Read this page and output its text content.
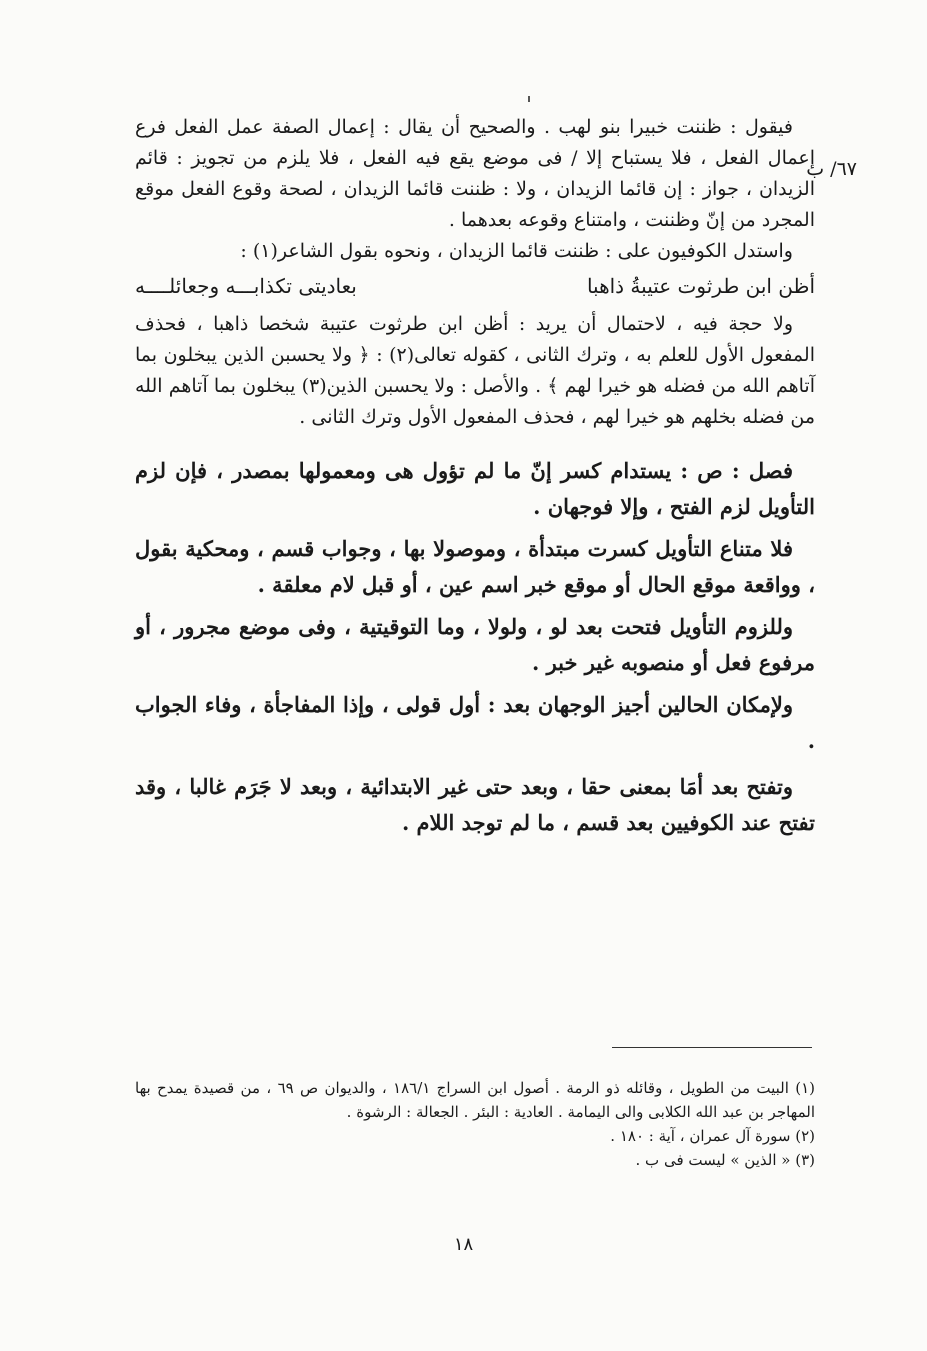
٦٧/ ب

فيقول : ظننت خبيرا بنو لهب . والصحيح أن يقال : إعمال الصفة عمل الفعل فرع إعمال الفعل ، فلا يستباح إلا / فى موضع يقع فيه الفعل ، فلا يلزم من تجويز : قائم الزيدان ، جواز : إن قائما الزيدان ، ولا : ظننت قائما الزيدان ، لصحة وقوع الفعل موقع المجرد من إنّ وظننت ، وامتناع وقوعه بعدهما .

واستدل الكوفيون على : ظننت قائما الزيدان ، ونحوه بقول الشاعر(١) :

أظن ابن طرثوت عتيبةُ ذاهبا
بعاديتى تكذابـــه وجعائلــــه

ولا حجة فيه ، لاحتمال أن يريد : أظن ابن طرثوت عتيبة شخصا ذاهبا ، فحذف المفعول الأول للعلم به ، وترك الثانى ، كقوله تعالى(٢) : ﴿ ولا يحسبن الذين يبخلون بما آتاهم الله من فضله هو خيرا لهم ﴾ . والأصل : ولا يحسبن الذين(٣) يبخلون بما آتاهم الله من فضله بخلهم هو خيرا لهم ، فحذف المفعول الأول وترك الثانى .

فصل : ص : يستدام كسر إنّ ما لم تؤول هى ومعمولها بمصدر ، فإن لزم التأويل لزم الفتح ، وإلا فوجهان .

فلا متناع التأويل كسرت مبتدأة ، وموصولا بها ، وجواب قسم ، ومحكية بقول ، وواقعة موقع الحال أو موقع خبر اسم عين ، أو قبل لام معلقة .

وللزوم التأويل فتحت بعد لو ، ولولا ، وما التوقيتية ، وفى موضع مجرور ، أو مرفوع فعل أو منصوبه غير خبر .

ولإمكان الحالين أجيز الوجهان بعد : أول قولى ، وإذا المفاجأة ، وفاء الجواب .

وتفتح بعد أمَا بمعنى حقا ، وبعد حتى غير الابتدائية ، وبعد لا جَرَم غالبا ، وقد تفتح عند الكوفيين بعد قسم ، ما لم توجد اللام .

(١) البيت من الطويل ، وقائله ذو الرمة . أصول ابن السراج ١٨٦/١ ، والديوان ص ٦٩ ، من قصيدة يمدح بها المهاجر بن عبد الله الكلابى والى اليمامة . العادية : البئر . الجعالة : الرشوة .

(٢) سورة آل عمران ، آية : ١٨٠ .

(٣) « الذين » ليست فى ب .

١٨
